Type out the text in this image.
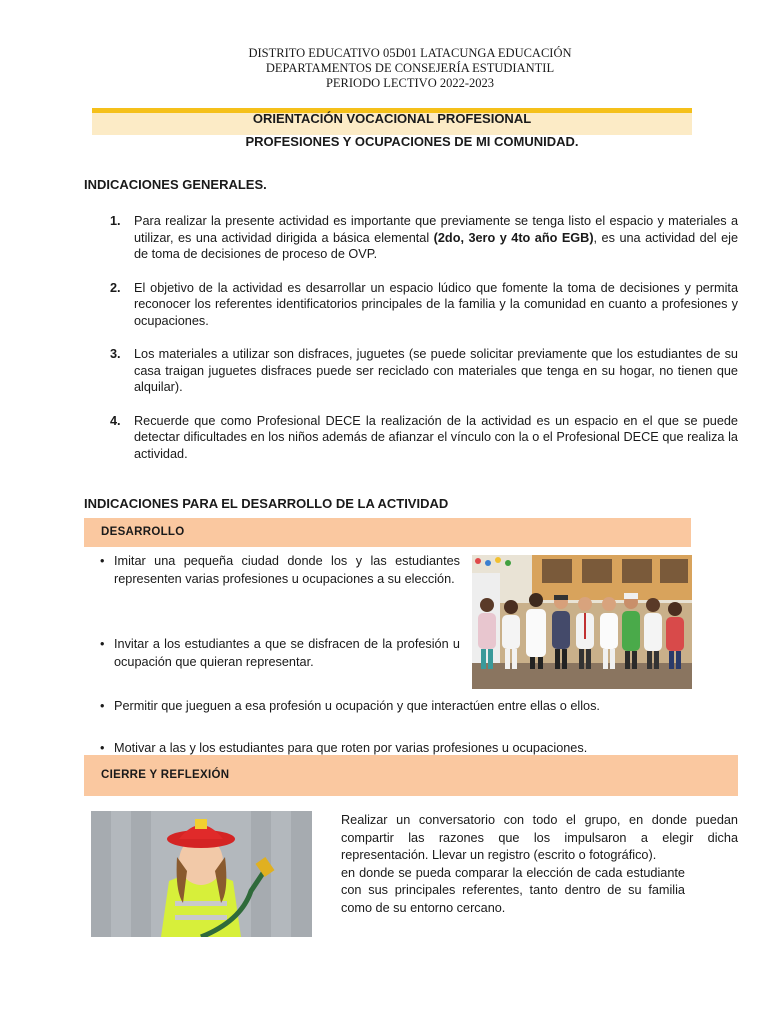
DISTRITO EDUCATIVO 05D01 LATACUNGA EDUCACIÓN
DEPARTAMENTOS DE CONSEJERÍA ESTUDIANTIL
PERIODO LECTIVO 2022-2023
ORIENTACIÓN VOCACIONAL PROFESIONAL
PROFESIONES Y OCUPACIONES DE MI COMUNIDAD.
INDICACIONES GENERALES.
1. Para realizar la presente actividad es importante que previamente se tenga listo el espacio y materiales a utilizar, es una actividad dirigida a básica elemental (2do, 3ero y 4to año EGB), es una actividad del eje de toma de decisiones de proceso de OVP.
2. El objetivo de la actividad es desarrollar un espacio lúdico que fomente la toma de decisiones y permita reconocer los referentes identificatorios principales de la familia y la comunidad en cuanto a profesiones y ocupaciones.
3. Los materiales a utilizar son disfraces, juguetes (se puede solicitar previamente que los estudiantes de su casa traigan juguetes disfraces puede ser reciclado con materiales que tenga en su hogar, no tienen que alquilar).
4. Recuerde que como Profesional DECE la realización de la actividad es un espacio en el que se puede detectar dificultades en los niños además de afianzar el vínculo con la o el Profesional DECE que realiza la actividad.
INDICACIONES PARA EL DESARROLLO DE LA ACTIVIDAD
DESARROLLO
• Imitar una pequeña ciudad donde los y las estudiantes representen varias profesiones u ocupaciones a su elección.
• Invitar a los estudiantes a que se disfracen de la profesión u ocupación que quieran representar.
• Permitir que jueguen a esa profesión u ocupación y que interactúen entre ellas o ellos.
• Motivar a las y los estudiantes para que roten por varias profesiones u ocupaciones.
CIERRE Y REFLEXIÓN
Realizar un conversatorio con todo el grupo, en donde puedan compartir las razones que los impulsaron a elegir dicha representación. Llevar un registro (escrito o fotográfico).
en donde se pueda comparar la elección de cada estudiante con sus principales referentes, tanto dentro de su familia como de su entorno cercano.
